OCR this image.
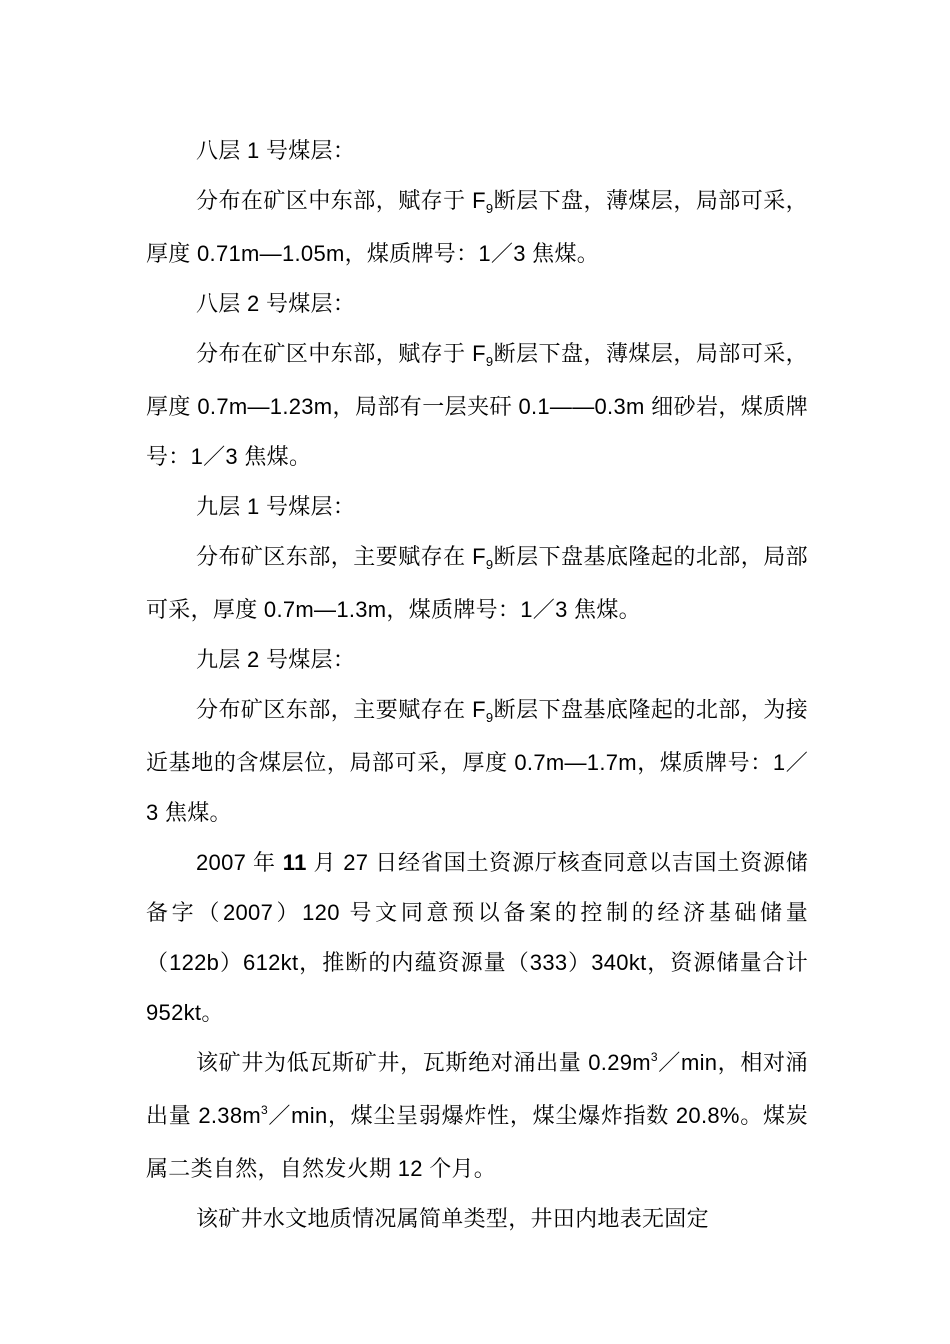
八层 1 号煤层：

分布在矿区中东部，赋存于 $F_9$断层下盘，薄煤层，局部可采，厚度 0.71m—1.05m，煤质牌号：1／3 焦煤。

八层 2 号煤层：

分布在矿区中东部，赋存于 $F_9$断层下盘，薄煤层，局部可采，厚度 0.7m—1.23m，局部有一层夹矸 0.1——0.3m 细砂岩，煤质牌号：1／3 焦煤。

九层 1 号煤层：

分布矿区东部，主要赋存在 $F_9$断层下盘基底隆起的北部，局部可采，厚度 0.7m—1.3m，煤质牌号：1／3 焦煤。

九层 2 号煤层：

分布矿区东部，主要赋存在 $F_9$断层下盘基底隆起的北部，为接近基地的含煤层位，局部可采，厚度 0.7m—1.7m，煤质牌号：1／3 焦煤。

2007 年 11 月 27 日经省国土资源厅核查同意以吉国土资源储备字（2007）120 号文同意预以备案的控制的经济基础储量（122b）612kt，推断的内蕴资源量（333）340kt，资源储量合计 952kt。

该矿井为低瓦斯矿井，瓦斯绝对涌出量 $0.29m^3/\min$，相对涌出量 $2.38m^3/\min$，煤尘呈弱爆炸性，煤尘爆炸指数 20.8%。煤炭属二类自然，自然发火期 12 个月。

该矿井水文地质情况属简单类型，井田内地表无固定
